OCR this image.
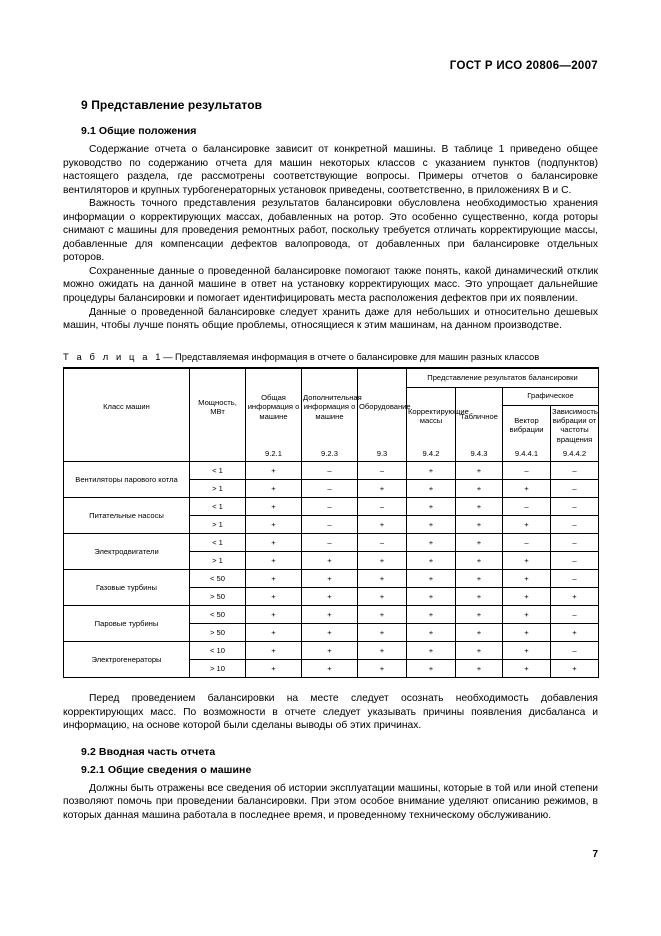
ГОСТ Р ИСО 20806—2007
9 Представление результатов
9.1 Общие положения

Содержание отчета о балансировке зависит от конкретной машины. В таблице 1 приведено общее руководство по содержанию отчета для машин некоторых классов с указанием пунктов (подпунктов) настоящего раздела, где рассмотрены соответствующие вопросы. Примеры отчетов о балансировке вентиляторов и крупных турбогенераторных установок приведены, соответственно, в приложениях В и С.

Важность точного представления результатов балансировки обусловлена необходимостью хранения информации о корректирующих массах, добавленных на ротор. Это особенно существенно, когда роторы снимают с машины для проведения ремонтных работ, поскольку требуется отличать корректирующие массы, добавленные для компенсации дефектов валопровода, от добавленных при балансировке отдельных роторов.

Сохраненные данные о проведенной балансировке помогают также понять, какой динамический отклик можно ожидать на данной машине в ответ на установку корректирующих масс. Это упрощает дальнейшие процедуры балансировки и помогает идентифицировать места расположения дефектов при их появлении.

Данные о проведенной балансировке следует хранить даже для небольших и относительно дешевых машин, чтобы лучше понять общие проблемы, относящиеся к этим машинам, на данном производстве.

Т а б л и ц а 1 — Представляемая информация в отчете о балансировке для машин разных классов
Класс машин	Мощность, МВт	Общая информация о машине	Дополнительная информация о машине	Оборудование	Представление результатов балансировки			
					Корректирующие массы	Табличное	Графическое	
							Вектор вибрации	Зависимость вибрации от частоты вращения
		9.2.1	9.2.3	9.3	9.4.2	9.4.3	9.4.4.1	9.4.4.2
Вентиляторы парового котла	< 1	+	–	–	+	+	–	–
	> 1	+	–	+	+	+	+	–
Питательные насосы	< 1	+	–	–	+	+	–	–
	> 1	+	–	+	+	+	+	–
Электродвигатели	< 1	+	–	–	+	+	–	–
	> 1	+	+	+	+	+	+	–
Газовые турбины	< 50	+	+	+	+	+	+	–
	> 50	+	+	+	+	+	+	+
Паровые турбины	< 50	+	+	+	+	+	+	–
	> 50	+	+	+	+	+	+	+
Электрогенераторы	< 10	+	+	+	+	+	+	–
	> 10	+	+	+	+	+	+	+

Перед проведением балансировки на месте следует осознать необходимость добавления корректирующих масс. По возможности в отчете следует указывать причины появления дисбаланса и информацию, на основе которой были сделаны выводы об этих причинах.

9.2 Вводная часть отчета
9.2.1 Общие сведения о машине

Должны быть отражены все сведения об истории эксплуатации машины, которые в той или иной степени позволяют помочь при проведении балансировки. При этом особое внимание уделяют описанию режимов, в которых данная машина работала в последнее время, и проведенному техническому обслуживанию.

7
